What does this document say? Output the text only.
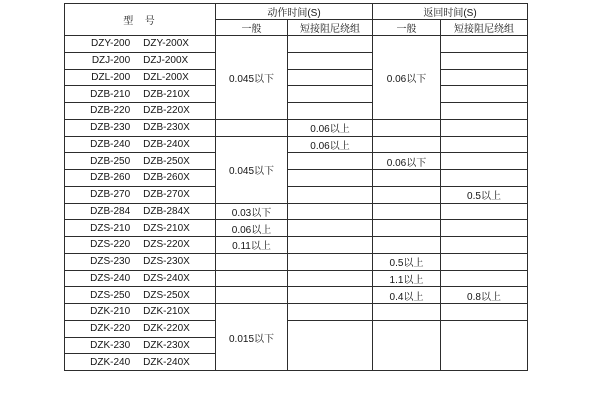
型  号	动作时间(S)		返回时间(S)	
	一般	短接阻尼绕组	一般	短接阻尼绕组

DZY-200 DZY-200X	0.045以下		0.06以下	

DZJ-200 DZJ-200X				

DZL-200 DZL-200X				

DZB-210 DZB-210X				

DZB-220 DZB-220X				

DZB-230 DZB-230X		0.06以上		

DZB-240 DZB-240X	0.045以下	0.06以上		

DZB-250 DZB-250X			0.06以下	

DZB-260 DZB-260X				

DZB-270 DZB-270X				0.5以上

DZB-284 DZB-284X	0.03以下			

DZS-210 DZS-210X	0.06以上			

DZS-220 DZS-220X	0.11以上			

DZS-230 DZS-230X			0.5以上	

DZS-240 DZS-240X			1.1以上	

DZS-250 DZS-250X			0.4以上	0.8以上

DZK-210 DZK-210X	0.015以下			

DZK-220 DZK-220X				

DZK-230 DZK-230X				

DZK-240 DZK-240X				
